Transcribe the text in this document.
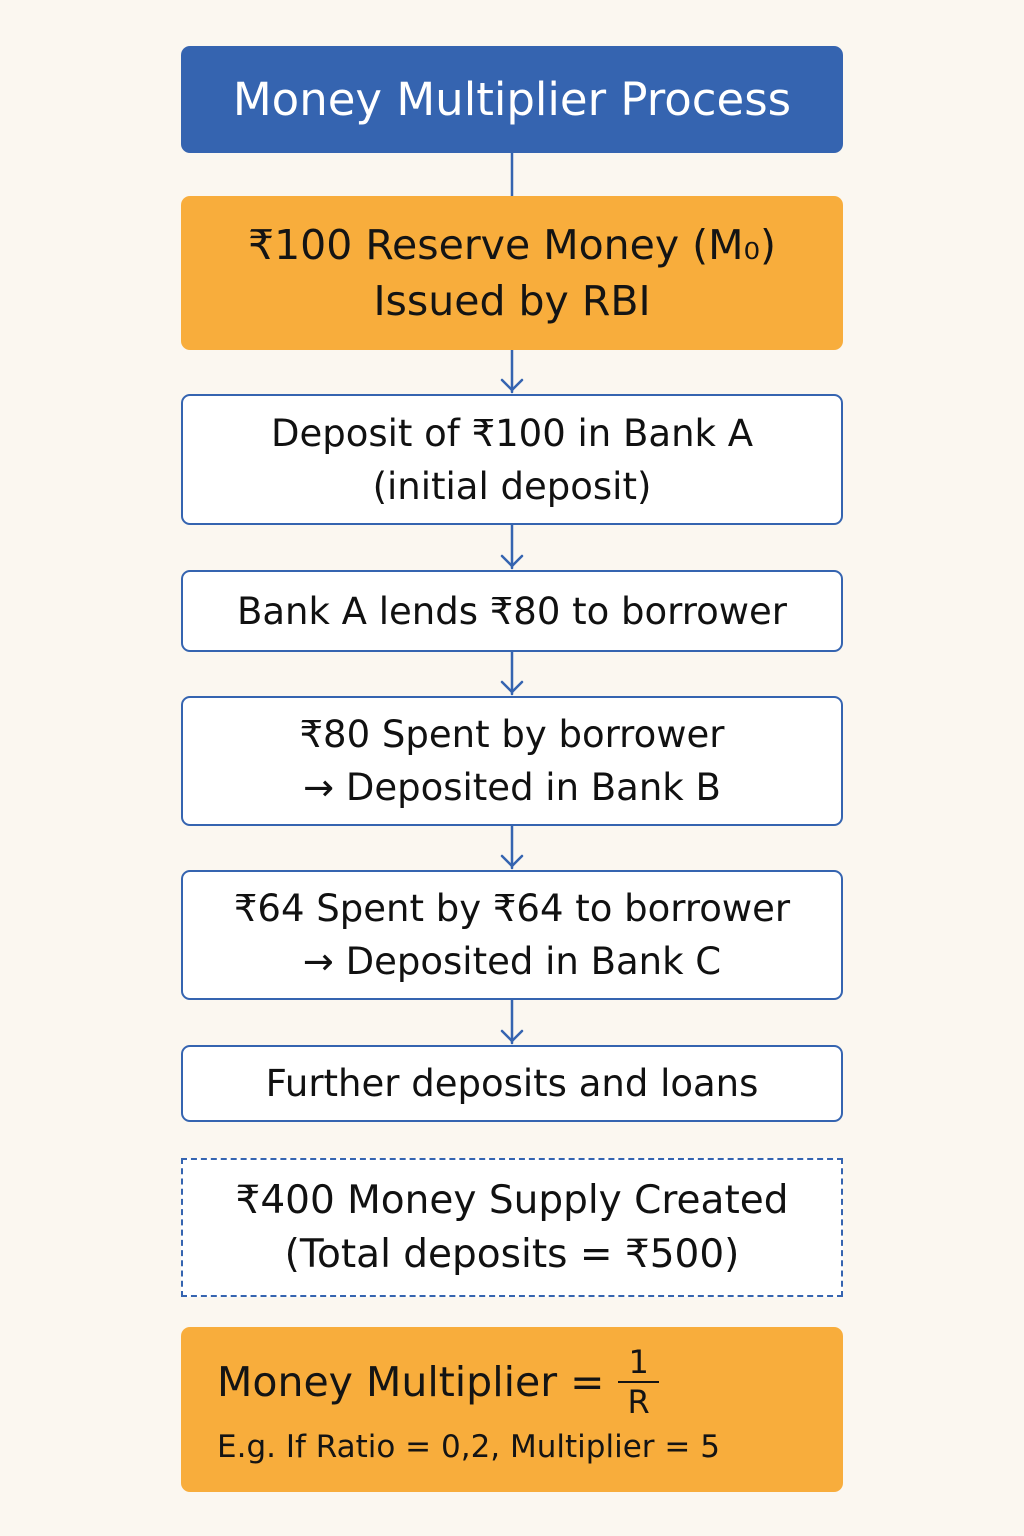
Money Multiplier Process
₹100 Reserve Money (M₀)
Issued by RBI
Deposit of ₹100 in Bank A
(initial deposit)
Bank A lends ₹80 to borrower
₹80 Spent by borrower
→ Deposited in Bank B
₹64 Spent by ₹64 to borrower
→ Deposited in Bank C
Further deposits and loans
₹400 Money Supply Created
(Total deposits = ₹500)
Money Multiplier = $\frac{1}{R}$
E.g. If Ratio = 0,2, Multiplier = 5
